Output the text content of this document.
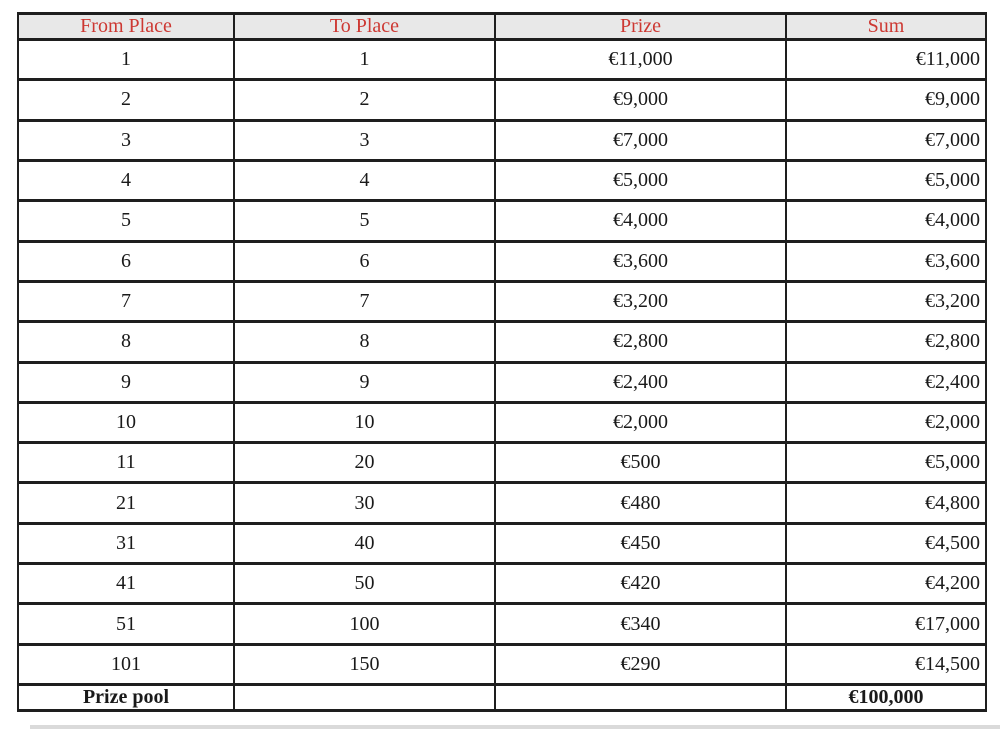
From Place	To Place	Prize	Sum
1	1	€11,000	€11,000
2	2	€9,000	€9,000
3	3	€7,000	€7,000
4	4	€5,000	€5,000
5	5	€4,000	€4,000
6	6	€3,600	€3,600
7	7	€3,200	€3,200
8	8	€2,800	€2,800
9	9	€2,400	€2,400
10	10	€2,000	€2,000
11	20	€500	€5,000
21	30	€480	€4,800
31	40	€450	€4,500
41	50	€420	€4,200
51	100	€340	€17,000
101	150	€290	€14,500
Prize pool			€100,000
